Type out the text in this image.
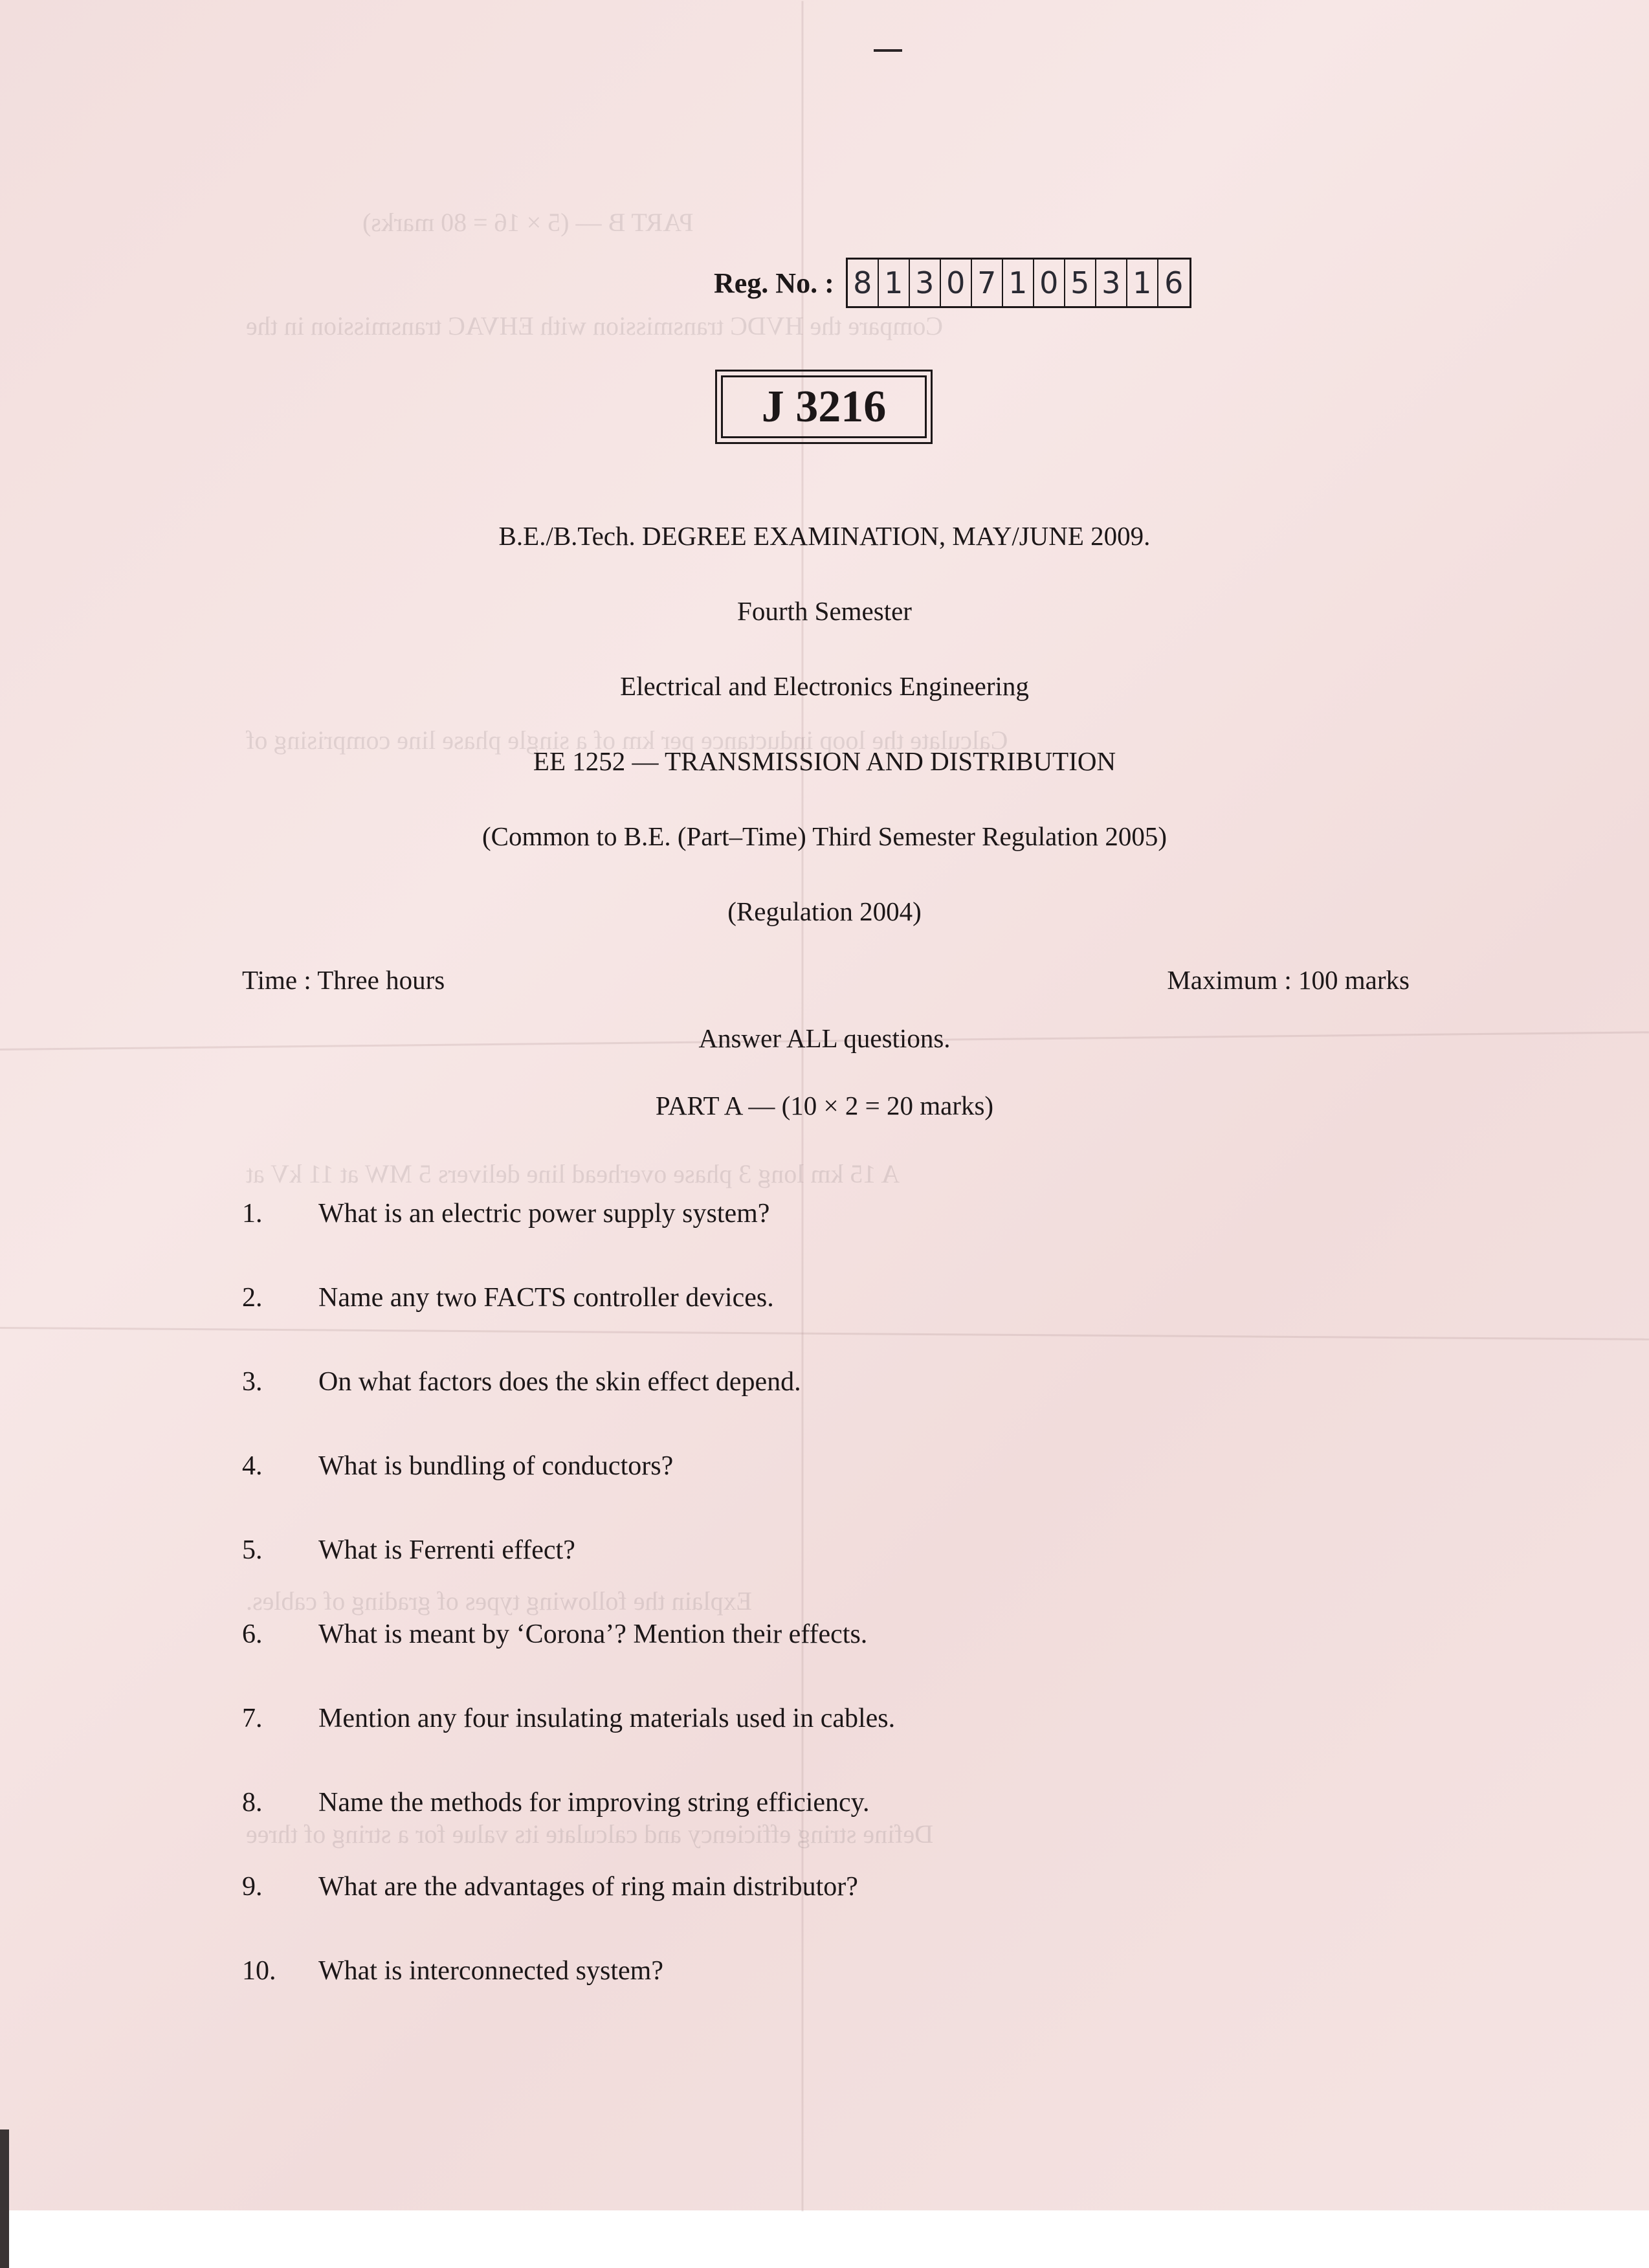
PART B — (5 × 16 = 80 marks)
Compare the HVDC transmission with EHVAC transmission in the
Calculate the loop inductance per km of a single phase line comprising of
A 15 km long 3 phase overhead line delivers 5 MW at 11 kV at
Explain the following types of grading of cables.
Define string efficiency and calculate its value for a string of three
Reg. No. : 8 1 3 0 7 1 0 5 3 1 6
J 3216
B.E./B.Tech. DEGREE EXAMINATION, MAY/JUNE 2009.
Fourth Semester
Electrical and Electronics Engineering
EE 1252 — TRANSMISSION AND DISTRIBUTION
(Common to B.E. (Part–Time) Third Semester Regulation 2005)
(Regulation 2004)
Time : Three hours	Maximum : 100 marks
Answer ALL questions.
PART A — (10 × 2 = 20 marks)
1.	What is an electric power supply system?
2.	Name any two FACTS controller devices.
3.	On what factors does the skin effect depend.
4.	What is bundling of conductors?
5.	What is Ferrenti effect?
6.	What is meant by ‘Corona’? Mention their effects.
7.	Mention any four insulating materials used in cables.
8.	Name the methods for improving string efficiency.
9.	What are the advantages of ring main distributor?
10.	What is interconnected system?
